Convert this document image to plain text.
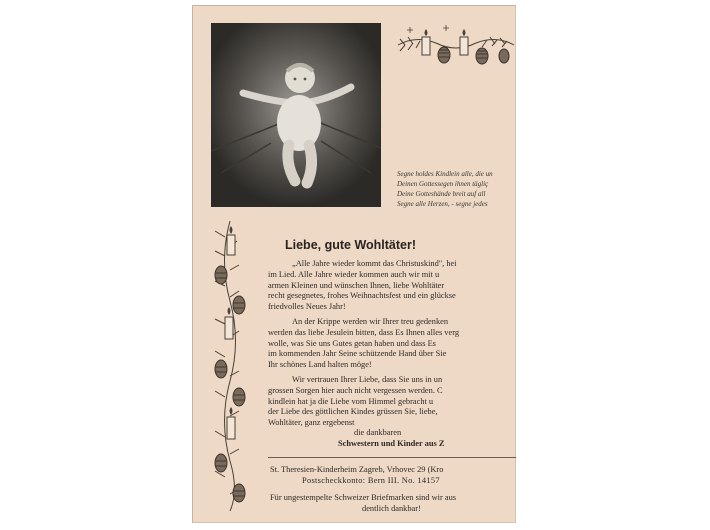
Segne holdes Kindlein alle, die un
Deinen Gottessegen ihnen tägliç
Deine Gotteshände breit auf all
Segne alle Herzen, - segne jedes
Liebe, gute Wohltäter!
„Alle Jahre wieder kommt das Christuskind", hei
im Lied. Alle Jahre wieder kommen auch wir mit u
armen Kleinen und wünschen Ihnen, liebe Wohltäter
recht gesegnetes, frohes Weihnachtsfest und ein glückse
friedvolles Neues Jahr!
An der Krippe werden wir Ihrer treu gedenken
werden das liebe Jesulein bitten, dass Es Ihnen alles verg
wolle, was Sie uns Gutes getan haben und dass Es
im kommenden Jahr Seine schützende Hand über Sie
Ihr schönes Land halten möge!
Wir vertrauen Ihrer Liebe, dass Sie uns in un
grossen Sorgen hier auch nicht vergessen werden. C
kindlein hat ja die Liebe vom Himmel gebracht u
der Liebe des göttlichen Kindes grüssen Sie, liebe,
Wohltäter, ganz ergebenst
die dankbaren
Schwestern und Kinder aus Z
St. Theresien-Kinderheim Zagreb, Vrhovec 29 (Kro
Postscheckkonto: Bern III. No. 14157
Für ungestempelte Schweizer Briefmarken sind wir aus
dentlich dankbar!
